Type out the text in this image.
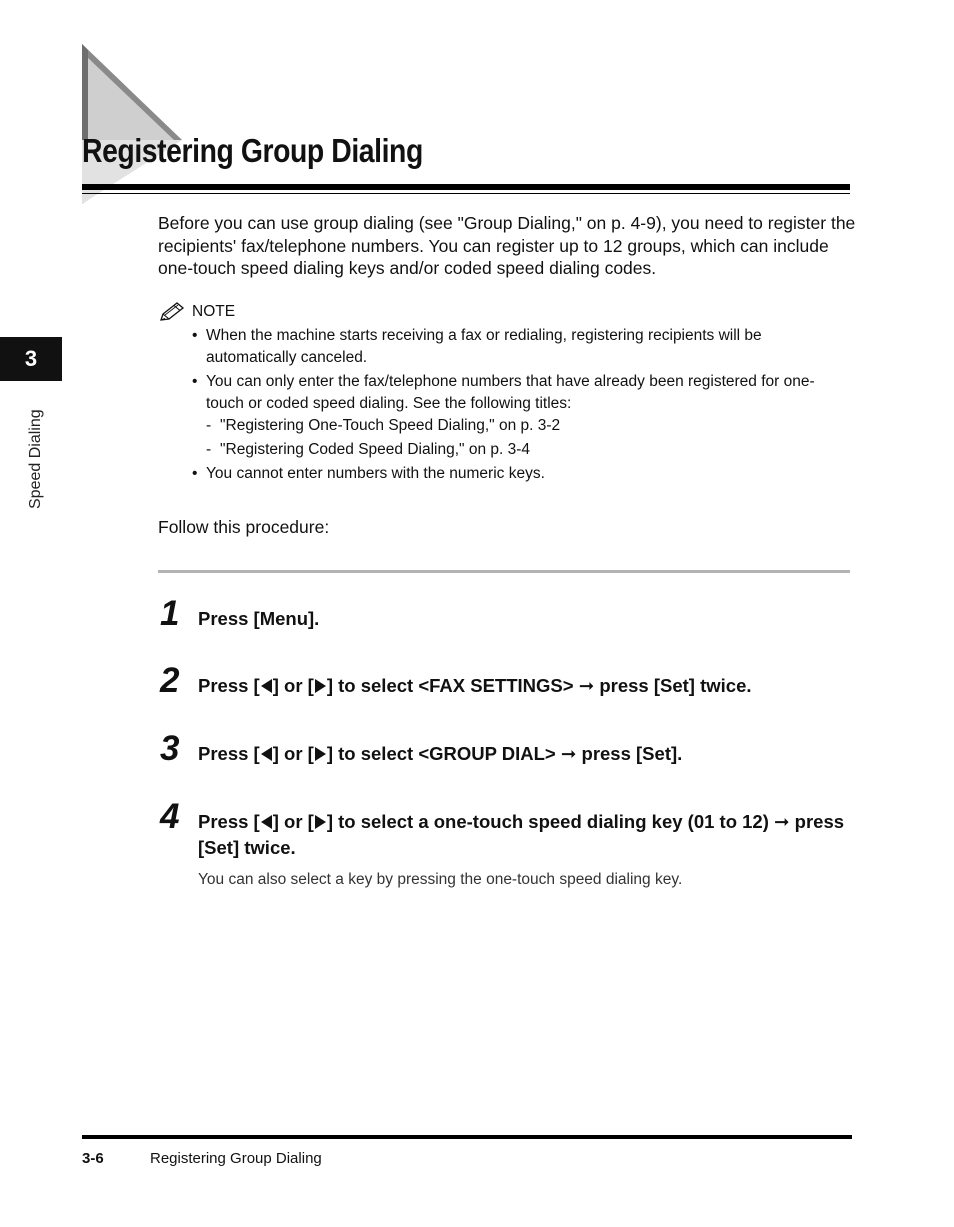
Registering Group Dialing
3
Speed Dialing
Before you can use group dialing (see "Group Dialing," on p. 4-9), you need to register the recipients' fax/telephone numbers. You can register up to 12 groups, which can include one-touch speed dialing keys and/or coded speed dialing codes.
NOTE
• When the machine starts receiving a fax or redialing, registering recipients will be automatically canceled.
• You can only enter the fax/telephone numbers that have already been registered for one-touch or coded speed dialing. See the following titles:
- "Registering One-Touch Speed Dialing," on p. 3-2
- "Registering Coded Speed Dialing," on p. 3-4
• You cannot enter numbers with the numeric keys.
Follow this procedure:
1 Press [Menu].
2 Press [ ] or [ ] to select <FAX SETTINGS> ➞ press [Set] twice.
3 Press [ ] or [ ] to select <GROUP DIAL> ➞ press [Set].
4 Press [ ] or [ ] to select a one-touch speed dialing key (01 to 12) ➞ press [Set] twice.
You can also select a key by pressing the one-touch speed dialing key.
3-6	Registering Group Dialing
